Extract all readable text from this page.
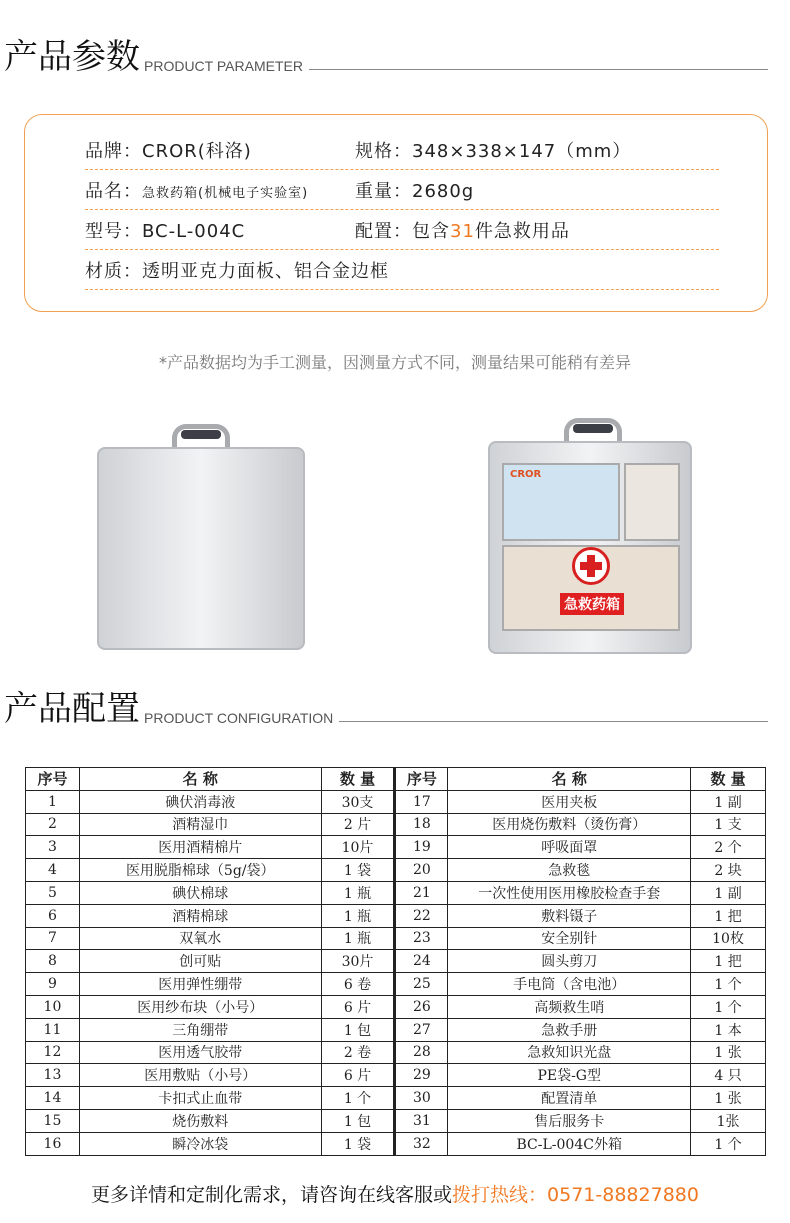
产品参数 PRODUCT PARAMETER
品牌：CROR(科洛)	规格：348×338×147（mm）
品名：急救药箱(机械电子实验室)	重量：2680g
型号：BC-L-004C	配置：包含31件急救用品
材质：透明亚克力面板、铝合金边框
*产品数据均为手工测量，因测量方式不同，测量结果可能稍有差异
CROR
急救药箱
产品配置 PRODUCT CONFIGURATION
序号	名 称	数 量	序号	名 称	数 量
1	碘伏消毒液	30支	17	医用夹板	1 副
2	酒精湿巾	2 片	18	医用烧伤敷料（烫伤膏）	1 支
3	医用酒精棉片	10片	19	呼吸面罩	2 个
4	医用脱脂棉球（5g/袋）	1 袋	20	急救毯	2 块
5	碘伏棉球	1 瓶	21	一次性使用医用橡胶检查手套	1 副
6	酒精棉球	1 瓶	22	敷料镊子	1 把
7	双氧水	1 瓶	23	安全别针	10枚
8	创可贴	30片	24	圆头剪刀	1 把
9	医用弹性绷带	6 卷	25	手电筒（含电池）	1 个
10	医用纱布块（小号）	6 片	26	高频救生哨	1 个
11	三角绷带	1 包	27	急救手册	1 本
12	医用透气胶带	2 卷	28	急救知识光盘	1 张
13	医用敷贴（小号）	6 片	29	PE袋-G型	4 只
14	卡扣式止血带	1 个	30	配置清单	1 张
15	烧伤敷料	1 包	31	售后服务卡	1张
16	瞬冷冰袋	1 袋	32	BC-L-004C外箱	1 个
更多详情和定制化需求，请咨询在线客服或拨打热线：0571-88827880
